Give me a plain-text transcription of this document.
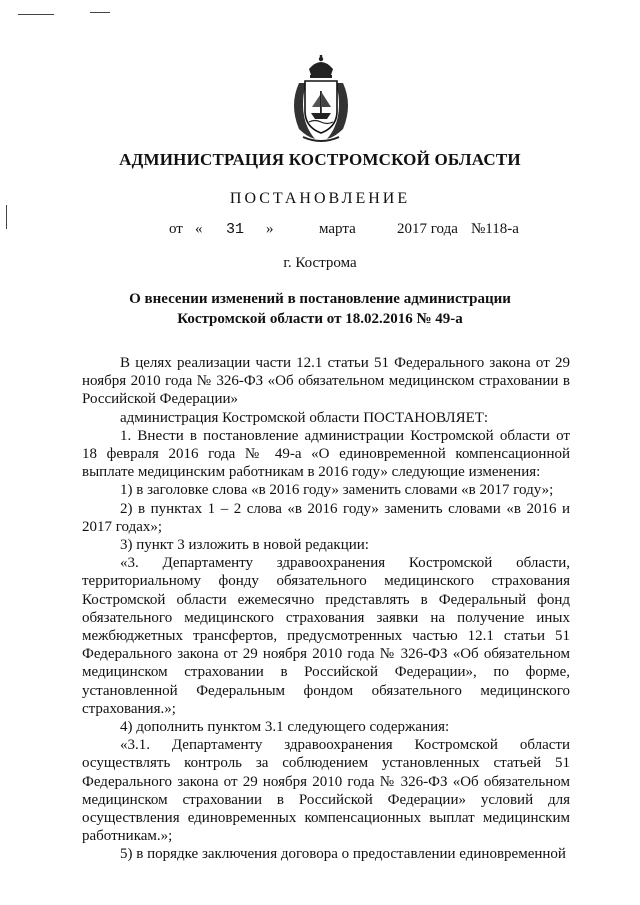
АДМИНИСТРАЦИЯ КОСТРОМСКОЙ ОБЛАСТИ
ПОСТАНОВЛЕНИЕ
от « 31 »	марта	2017 года №118-а
г. Кострома
О внесении изменений в постановление администрации
Костромской области от 18.02.2016 № 49-а

В целях реализации части 12.1 статьи 51 Федерального закона от 29 ноября 2010 года № 326-ФЗ «Об обязательном медицинском страховании в Российской Федерации»

администрация Костромской области ПОСТАНОВЛЯЕТ:

1. Внести в постановление администрации Костромской области от 18 февраля 2016 года № 49-а «О единовременной компенсационной выплате медицинским работникам в 2016 году» следующие изменения:

1) в заголовке слова «в 2016 году» заменить словами «в 2017 году»;

2) в пунктах 1 – 2 слова «в 2016 году» заменить словами «в 2016 и 2017 годах»;

3) пункт 3 изложить в новой редакции:

«3. Департаменту здравоохранения Костромской области, территориальному фонду обязательного медицинского страхования Костромской области ежемесячно представлять в Федеральный фонд обязательного медицинского страхования заявки на получение иных межбюджетных трансфертов, предусмотренных частью 12.1 статьи 51 Федерального закона от 29 ноября 2010 года № 326-ФЗ «Об обязательном медицинском страховании в Российской Федерации», по форме, установленной Федеральным фондом обязательного медицинского страхования.»;

4) дополнить пунктом 3.1 следующего содержания:

«3.1. Департаменту здравоохранения Костромской области осуществлять контроль за соблюдением установленных статьей 51 Федерального закона от 29 ноября 2010 года № 326-ФЗ «Об обязательном медицинском страховании в Российской Федерации» условий для осуществления единовременных компенсационных выплат медицинским работникам.»;

5) в порядке заключения договора о предоставлении единовременной
